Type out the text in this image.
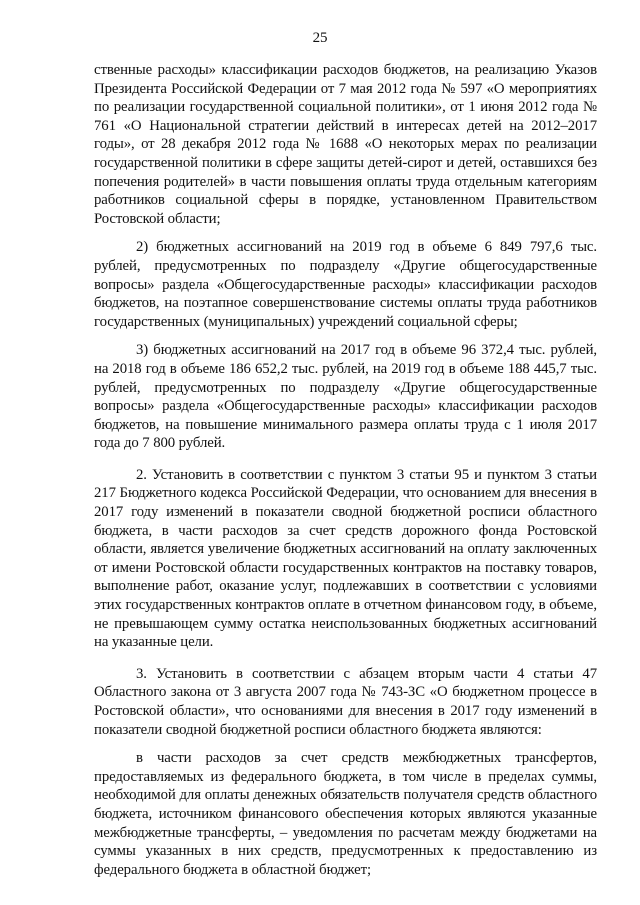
25

ственные расходы» классификации расходов бюджетов, на реализацию Указов Президента Российской Федерации от 7 мая 2012 года № 597 «О мероприятиях по реализации государственной социальной политики», от 1 июня 2012 года № 761 «О Национальной стратегии действий в интересах детей на 2012–2017 годы», от 28 декабря 2012 года № 1688 «О некоторых мерах по реализации государственной политики в сфере защиты детей-сирот и детей, оставшихся без попечения родителей» в части повышения оплаты труда отдельным категориям работников социальной сферы в порядке, установленном Правительством Ростовской области;

2) бюджетных ассигнований на 2019 год в объеме 6 849 797,6 тыс. рублей, предусмотренных по подразделу «Другие общегосударственные вопросы» раздела «Общегосударственные расходы» классификации расходов бюджетов, на поэтапное совершенствование системы оплаты труда работников государственных (муниципальных) учреждений социальной сферы;

3) бюджетных ассигнований на 2017 год в объеме 96 372,4 тыс. рублей, на 2018 год в объеме 186 652,2 тыс. рублей, на 2019 год в объеме 188 445,7 тыс. рублей, предусмотренных по подразделу «Другие общегосударственные вопросы» раздела «Общегосударственные расходы» классификации расходов бюджетов, на повышение минимального размера оплаты труда с 1 июля 2017 года до 7 800 рублей.

2. Установить в соответствии с пунктом 3 статьи 95 и пунктом 3 статьи 217 Бюджетного кодекса Российской Федерации, что основанием для внесения в 2017 году изменений в показатели сводной бюджетной росписи областного бюджета, в части расходов за счет средств дорожного фонда Ростовской области, является увеличение бюджетных ассигнований на оплату заключенных от имени Ростовской области государственных контрактов на поставку товаров, выполнение работ, оказание услуг, подлежавших в соответствии с условиями этих государственных контрактов оплате в отчетном финансовом году, в объеме, не превышающем сумму остатка неиспользованных бюджетных ассигнований на указанные цели.

3. Установить в соответствии с абзацем вторым части 4 статьи 47 Областного закона от 3 августа 2007 года № 743-ЗС «О бюджетном процессе в Ростовской области», что основаниями для внесения в 2017 году изменений в показатели сводной бюджетной росписи областного бюджета являются:

в части расходов за счет средств межбюджетных трансфертов, предоставляемых из федерального бюджета, в том числе в пределах суммы, необходимой для оплаты денежных обязательств получателя средств областного бюджета, источником финансового обеспечения которых являются указанные межбюджетные трансферты, – уведомления по расчетам между бюджетами на суммы указанных в них средств, предусмотренных к предоставлению из федерального бюджета в областной бюджет;
